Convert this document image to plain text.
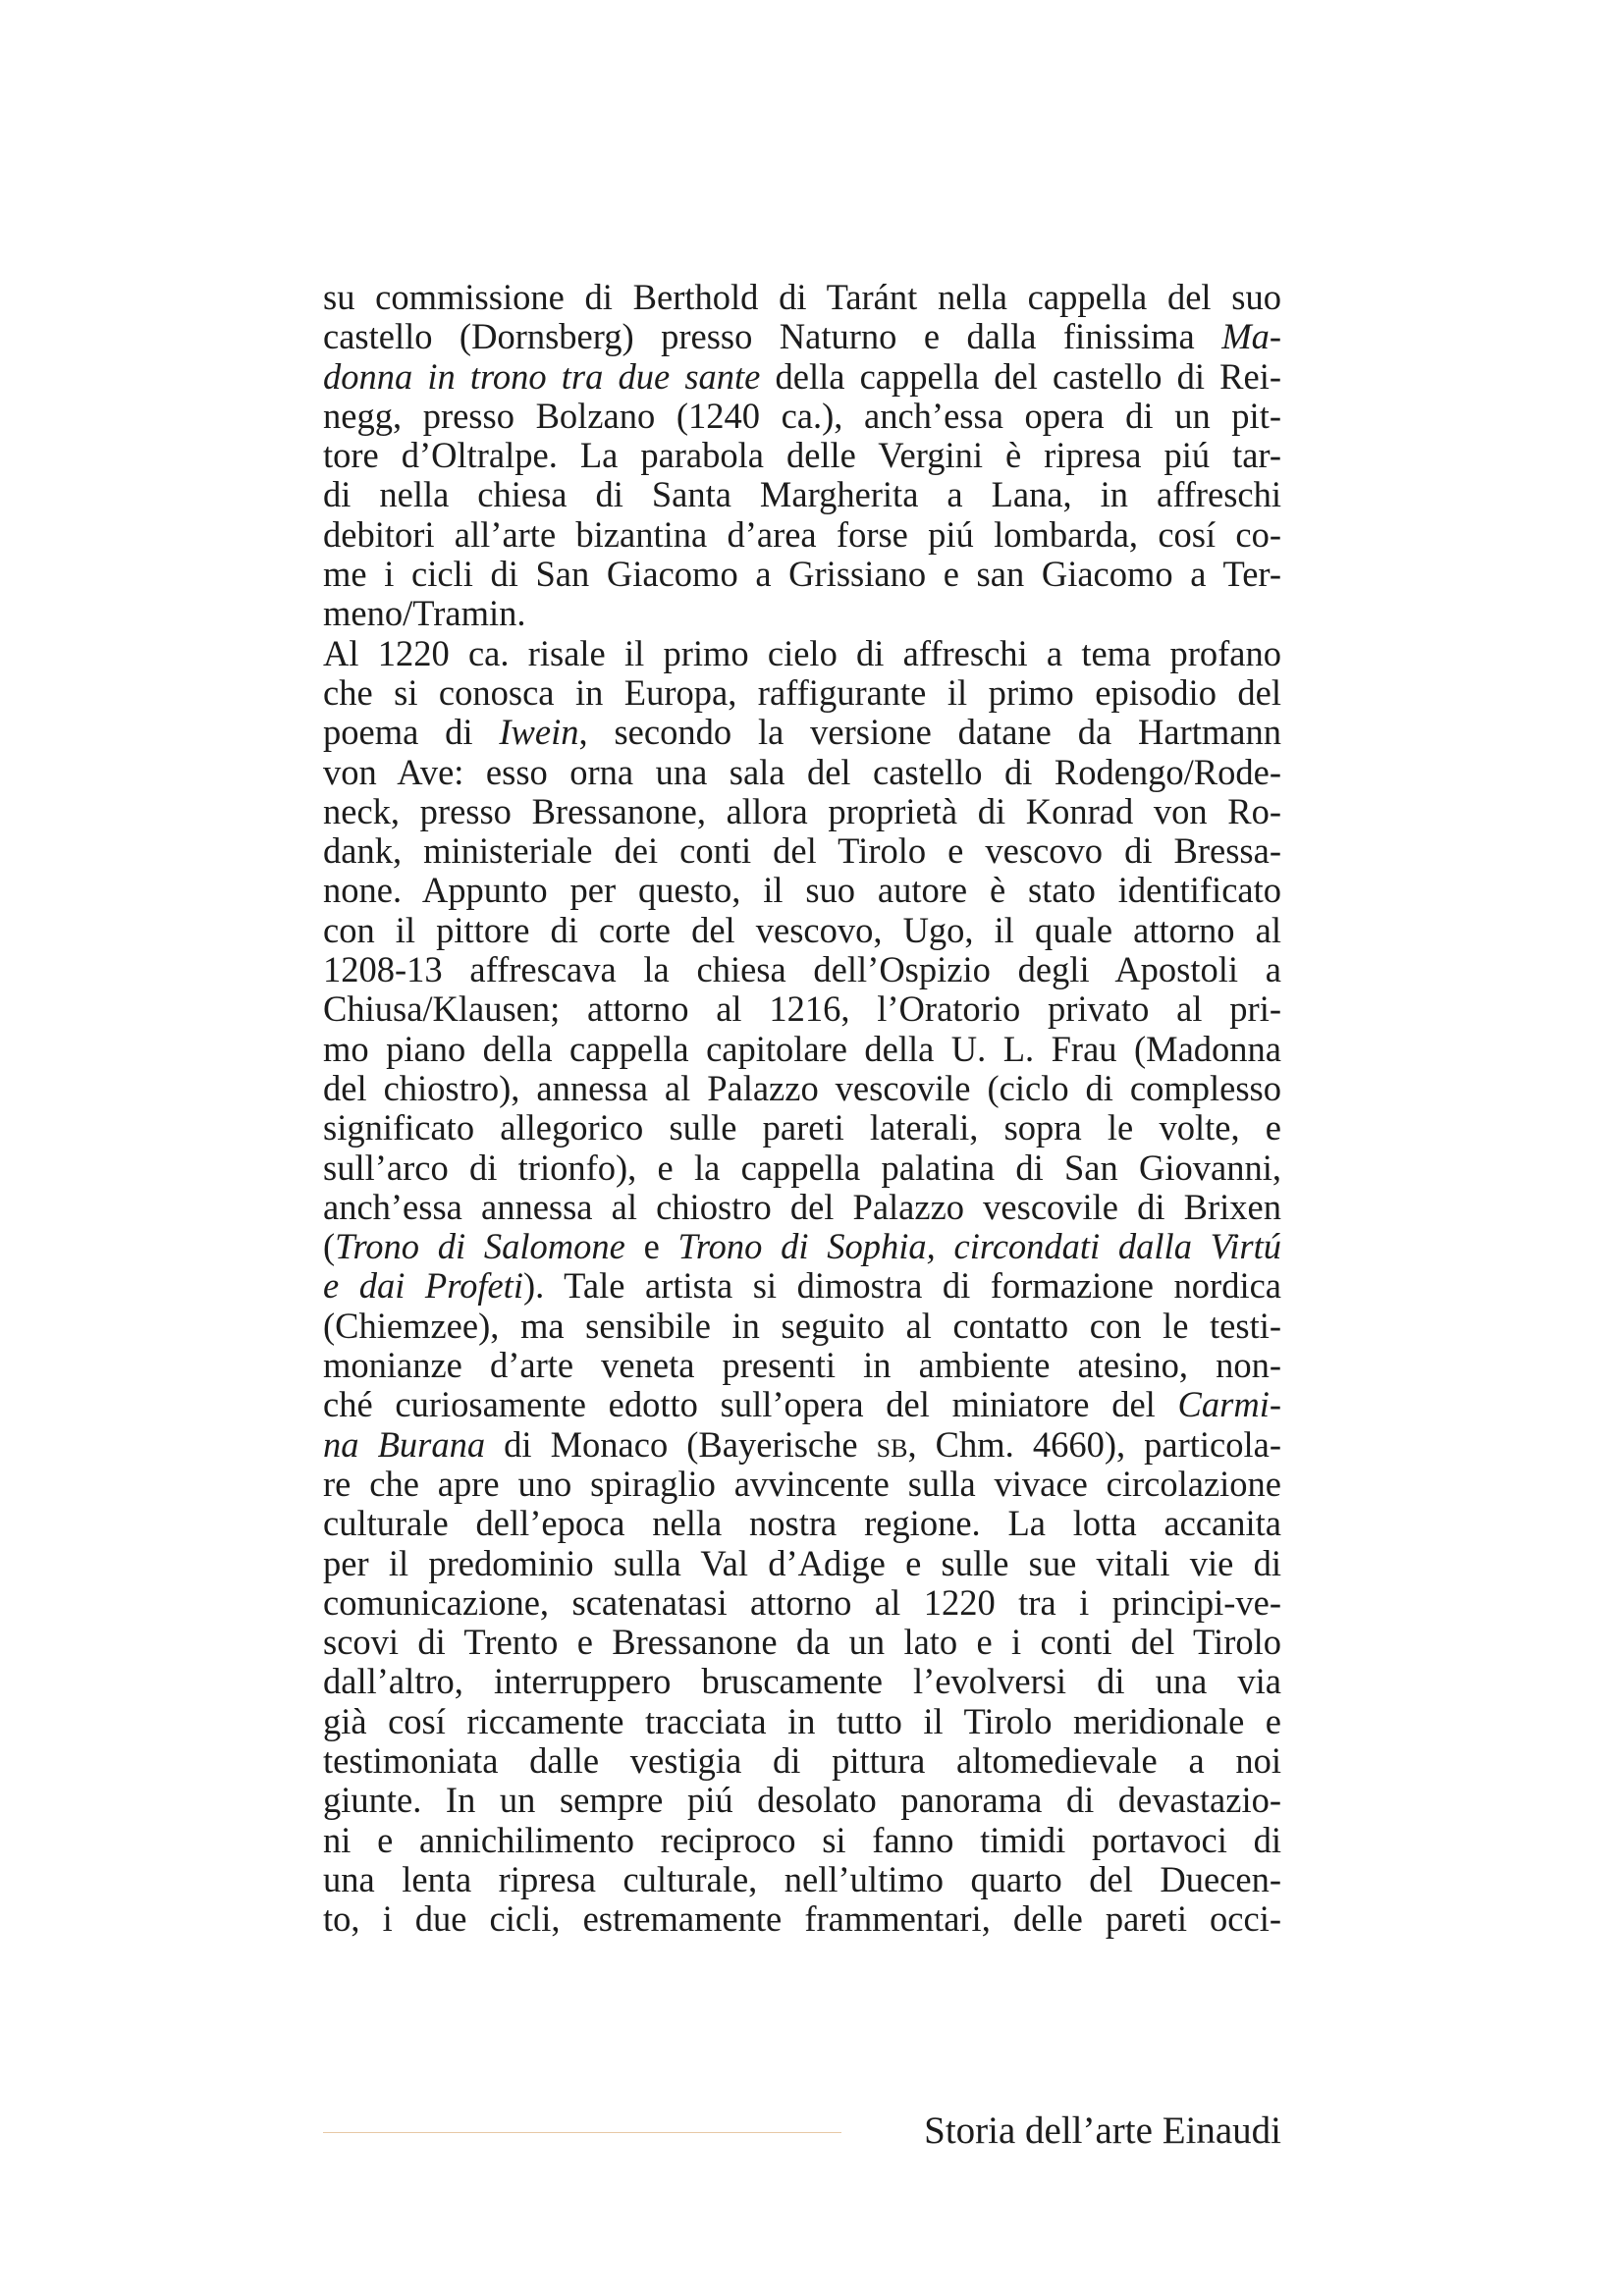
su commissione di Berthold di Taránt nella cappella del suo
castello (Dornsberg) presso Naturno e dalla finissima Ma-
donna in trono tra due sante della cappella del castello di Rei-
negg, presso Bolzano (1240 ca.), anch’essa opera di un pit-
tore d’Oltralpe. La parabola delle Vergini è ripresa piú tar-
di nella chiesa di Santa Margherita a Lana, in affreschi
debitori all’arte bizantina d’area forse piú lombarda, cosí co-
me i cicli di San Giacomo a Grissiano e san Giacomo a Ter-
meno/Tramin.
Al 1220 ca. risale il primo cielo di affreschi a tema profano
che si conosca in Europa, raffigurante il primo episodio del
poema di Iwein, secondo la versione datane da Hartmann
von Ave: esso orna una sala del castello di Rodengo/Rode-
neck, presso Bressanone, allora proprietà di Konrad von Ro-
dank, ministeriale dei conti del Tirolo e vescovo di Bressa-
none. Appunto per questo, il suo autore è stato identificato
con il pittore di corte del vescovo, Ugo, il quale attorno al
1208-13 affrescava la chiesa dell’Ospizio degli Apostoli a
Chiusa/Klausen; attorno al 1216, l’Oratorio privato al pri-
mo piano della cappella capitolare della U. L. Frau (Madonna
del chiostro), annessa al Palazzo vescovile (ciclo di complesso
significato allegorico sulle pareti laterali, sopra le volte, e
sull’arco di trionfo), e la cappella palatina di San Giovanni,
anch’essa annessa al chiostro del Palazzo vescovile di Brixen
(Trono di Salomone e Trono di Sophia, circondati dalla Virtú
e dai Profeti). Tale artista si dimostra di formazione nordica
(Chiemzee), ma sensibile in seguito al contatto con le testi-
monianze d’arte veneta presenti in ambiente atesino, non-
ché curiosamente edotto sull’opera del miniatore del Carmi-
na Burana di Monaco (Bayerische sb, Chm. 4660), particola-
re che apre uno spiraglio avvincente sulla vivace circolazione
culturale dell’epoca nella nostra regione. La lotta accanita
per il predominio sulla Val d’Adige e sulle sue vitali vie di
comunicazione, scatenatasi attorno al 1220 tra i principi-ve-
scovi di Trento e Bressanone da un lato e i conti del Tirolo
dall’altro, interruppero bruscamente l’evolversi di una via
già cosí riccamente tracciata in tutto il Tirolo meridionale e
testimoniata dalle vestigia di pittura altomedievale a noi
giunte. In un sempre piú desolato panorama di devastazio-
ni e annichilimento reciproco si fanno timidi portavoci di
una lenta ripresa culturale, nell’ultimo quarto del Duecen-
to, i due cicli, estremamente frammentari, delle pareti occi-
Storia dell’arte Einaudi
